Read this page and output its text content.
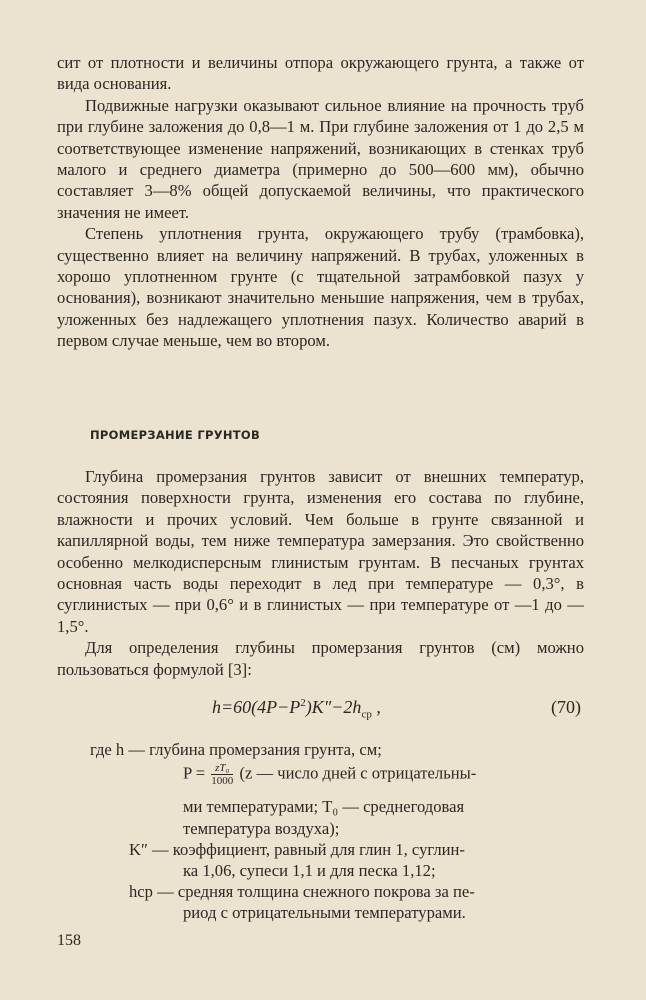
сит от плотности и величины отпора окружающего грунта, а также от вида основания.

Подвижные нагрузки оказывают сильное влияние на прочность труб при глубине заложения до 0,8—1 м. При глубине заложения от 1 до 2,5 м соответствующее изменение напряжений, возникающих в стенках труб малого и среднего диаметра (примерно до 500—600 мм), обычно составляет 3—8% общей допускаемой величины, что практического значения не имеет.

Степень уплотнения грунта, окружающего трубу (трамбовка), существенно влияет на величину напряжений. В трубах, уложенных в хорошо уплотненном грунте (с тщательной затрамбовкой пазух у основания), возникают значительно меньшие напряжения, чем в трубах, уложенных без надлежащего уплотнения пазух. Количество аварий в первом случае меньше, чем во втором.

ПРОМЕРЗАНИЕ ГРУНТОВ

Глубина промерзания грунтов зависит от внешних температур, состояния поверхности грунта, изменения его состава по глубине, влажности и прочих условий. Чем больше в грунте связанной и капиллярной воды, тем ниже температура замерзания. Это свойственно особенно мелкодисперсным глинистым грунтам. В песчаных грунтах основная часть воды переходит в лед при температуре — 0,3°, в суглинистых — при 0,6° и в глинистых — при температуре от —1 до —1,5°.

Для определения глубины промерзания грунтов (см) можно пользоваться формулой [3]:

$h=60(4P-P^2)K''-2h_{ср}$ ,	(70)
где h — глубина промерзания грунта, см;
$P = \frac{\text{zT₀}}{1000} (z$ — число дней с отрицательны-
ми температурами; T₀ — среднегодовая
температура воздуха);
K″ — коэффициент, равный для глин 1, суглин-
ка 1,06, супеси 1,1 и для песка 1,12;
hср — средняя толщина снежного покрова за пе-
риод с отрицательными температурами.
158
